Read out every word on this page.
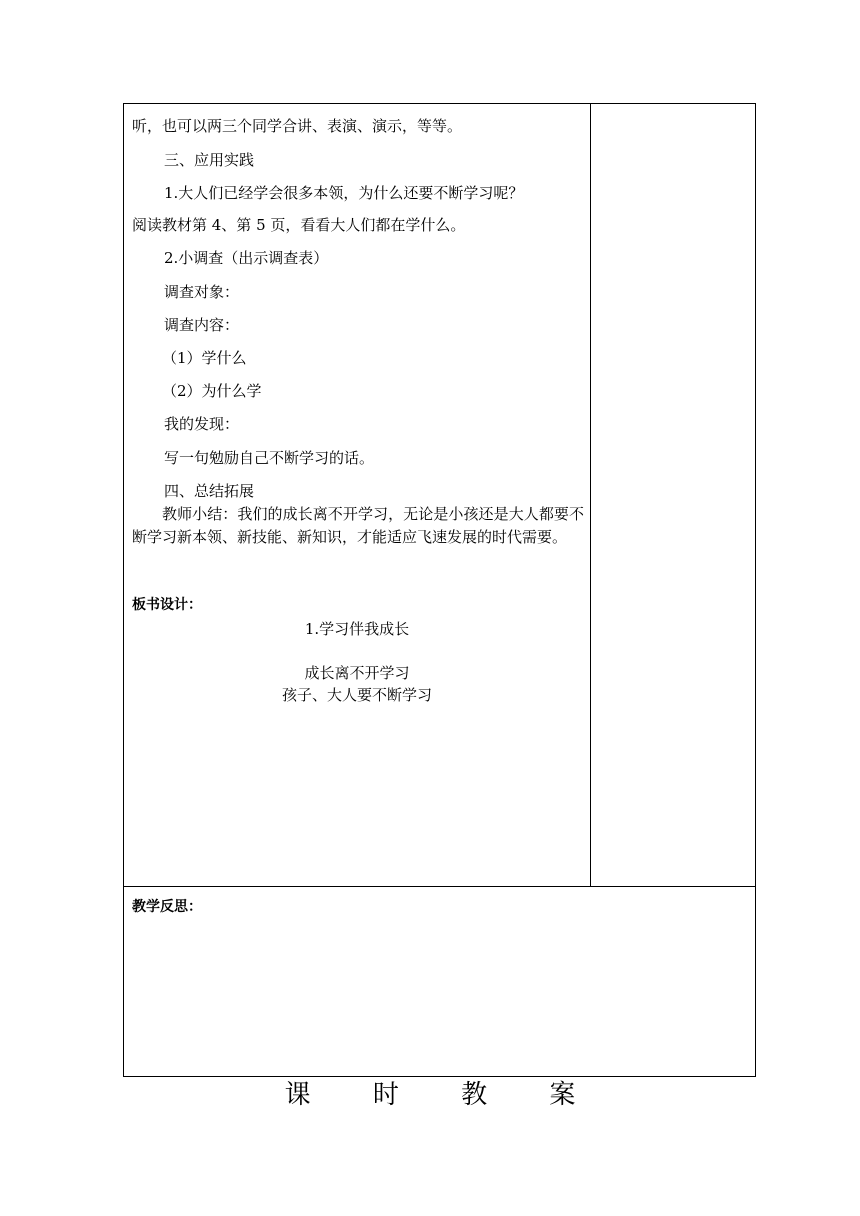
听，也可以两三个同学合讲、表演、演示，等等。
三、应用实践
1.大人们已经学会很多本领，为什么还要不断学习呢？
阅读教材第 4、第 5 页，看看大人们都在学什么。
2.小调查（出示调查表）
调查对象：
调查内容：
（1）学什么
（2）为什么学
我的发现：
写一句勉励自己不断学习的话。
四、总结拓展
教师小结：我们的成长离不开学习，无论是小孩还是大人都要不断学习新本领、新技能、新知识，才能适应飞速发展的时代需要。
板书设计：
1.学习伴我成长
成长离不开学习
孩子、大人要不断学习
教学反思：
课 时 教 案
